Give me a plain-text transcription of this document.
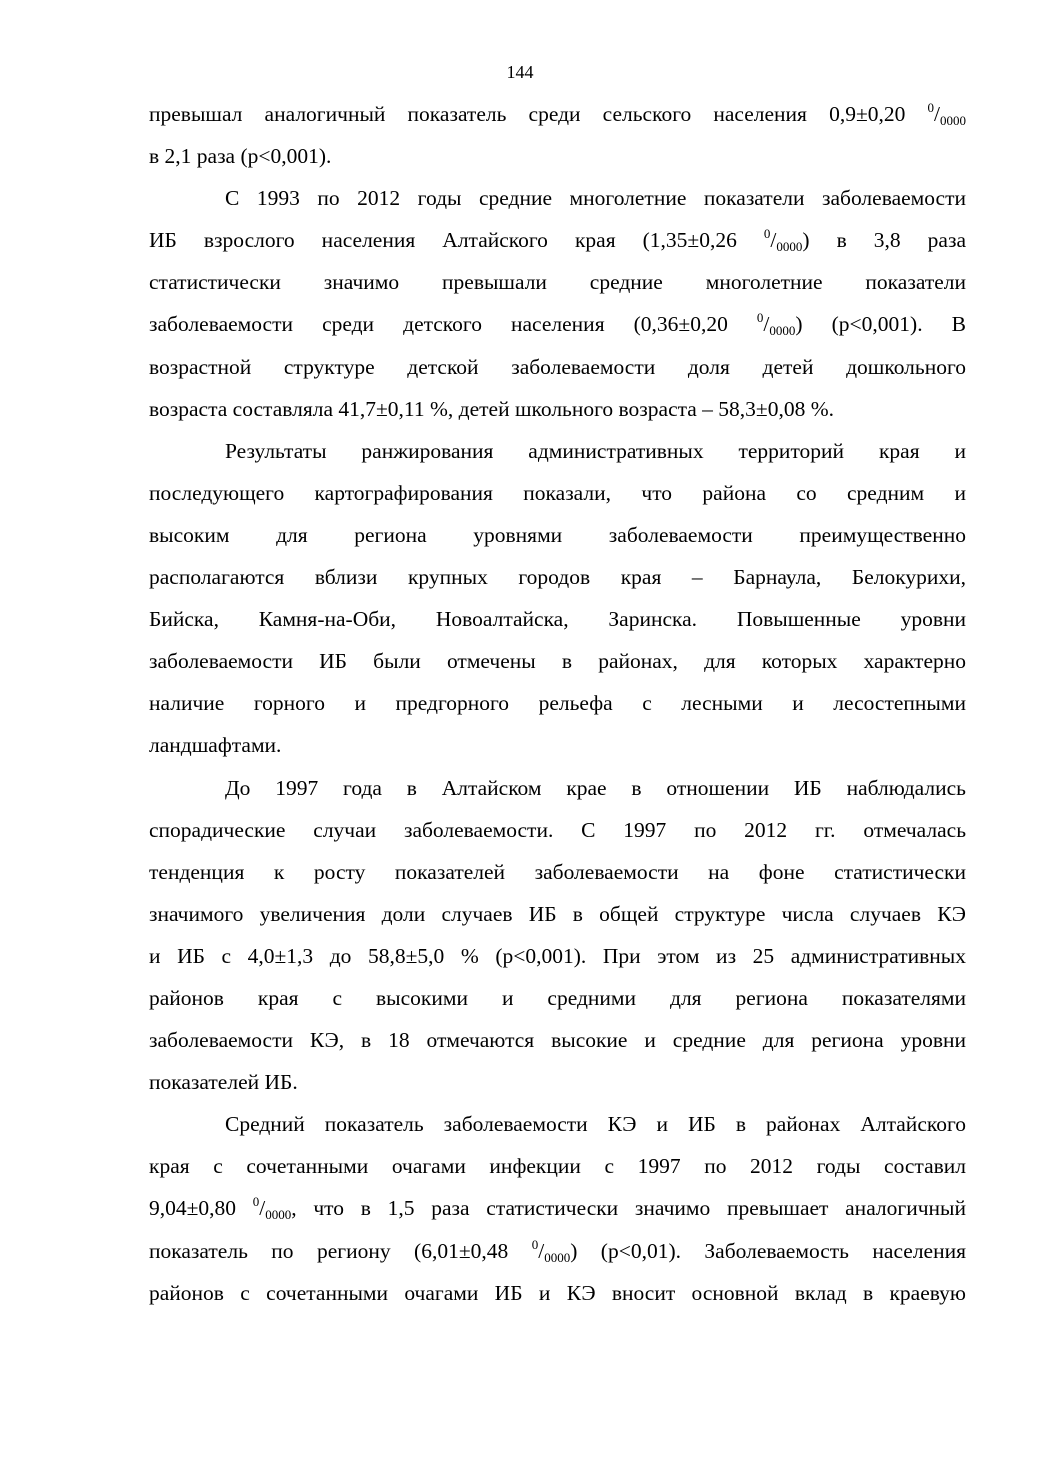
144
превышал аналогичный показатель среди сельского населения 0,9±0,20 $^0/_{0000}$
в 2,1 раза (p<0,001).
С 1993 по 2012 годы средние многолетние показатели заболеваемости
ИБ взрослого населения Алтайского края (1,35±0,26 $^0/_{0000}$) в 3,8 раза
статистически значимо превышали средние многолетние показатели
заболеваемости среди детского населения (0,36±0,20 $^0/_{0000}$) (p<0,001). В
возрастной структуре детской заболеваемости доля детей дошкольного
возраста составляла 41,7±0,11 %, детей школьного возраста – 58,3±0,08 %.
Результаты ранжирования административных территорий края и
последующего картографирования показали, что района со средним и
высоким для региона уровнями заболеваемости преимущественно
располагаются вблизи крупных городов края – Барнаула, Белокурихи,
Бийска, Камня-на-Оби, Новоалтайска, Заринска. Повышенные уровни
заболеваемости ИБ были отмечены в районах, для которых характерно
наличие горного и предгорного рельефа с лесными и лесостепными
ландшафтами.
До 1997 года в Алтайском крае в отношении ИБ наблюдались
спорадические случаи заболеваемости. С 1997 по 2012 гг. отмечалась
тенденция к росту показателей заболеваемости на фоне статистически
значимого увеличения доли случаев ИБ в общей структуре числа случаев КЭ
и ИБ с 4,0±1,3 до 58,8±5,0 % (p<0,001). При этом из 25 административных
районов края с высокими и средними для региона показателями
заболеваемости КЭ, в 18 отмечаются высокие и средние для региона уровни
показателей ИБ.
Средний показатель заболеваемости КЭ и ИБ в районах Алтайского
края с сочетанными очагами инфекции с 1997 по 2012 годы составил
9,04±0,80 $^0/_{0000}$, что в 1,5 раза статистически значимо превышает аналогичный
показатель по региону (6,01±0,48 $^0/_{0000}$) (p<0,01). Заболеваемость населения
районов с сочетанными очагами ИБ и КЭ вносит основной вклад в краевую
